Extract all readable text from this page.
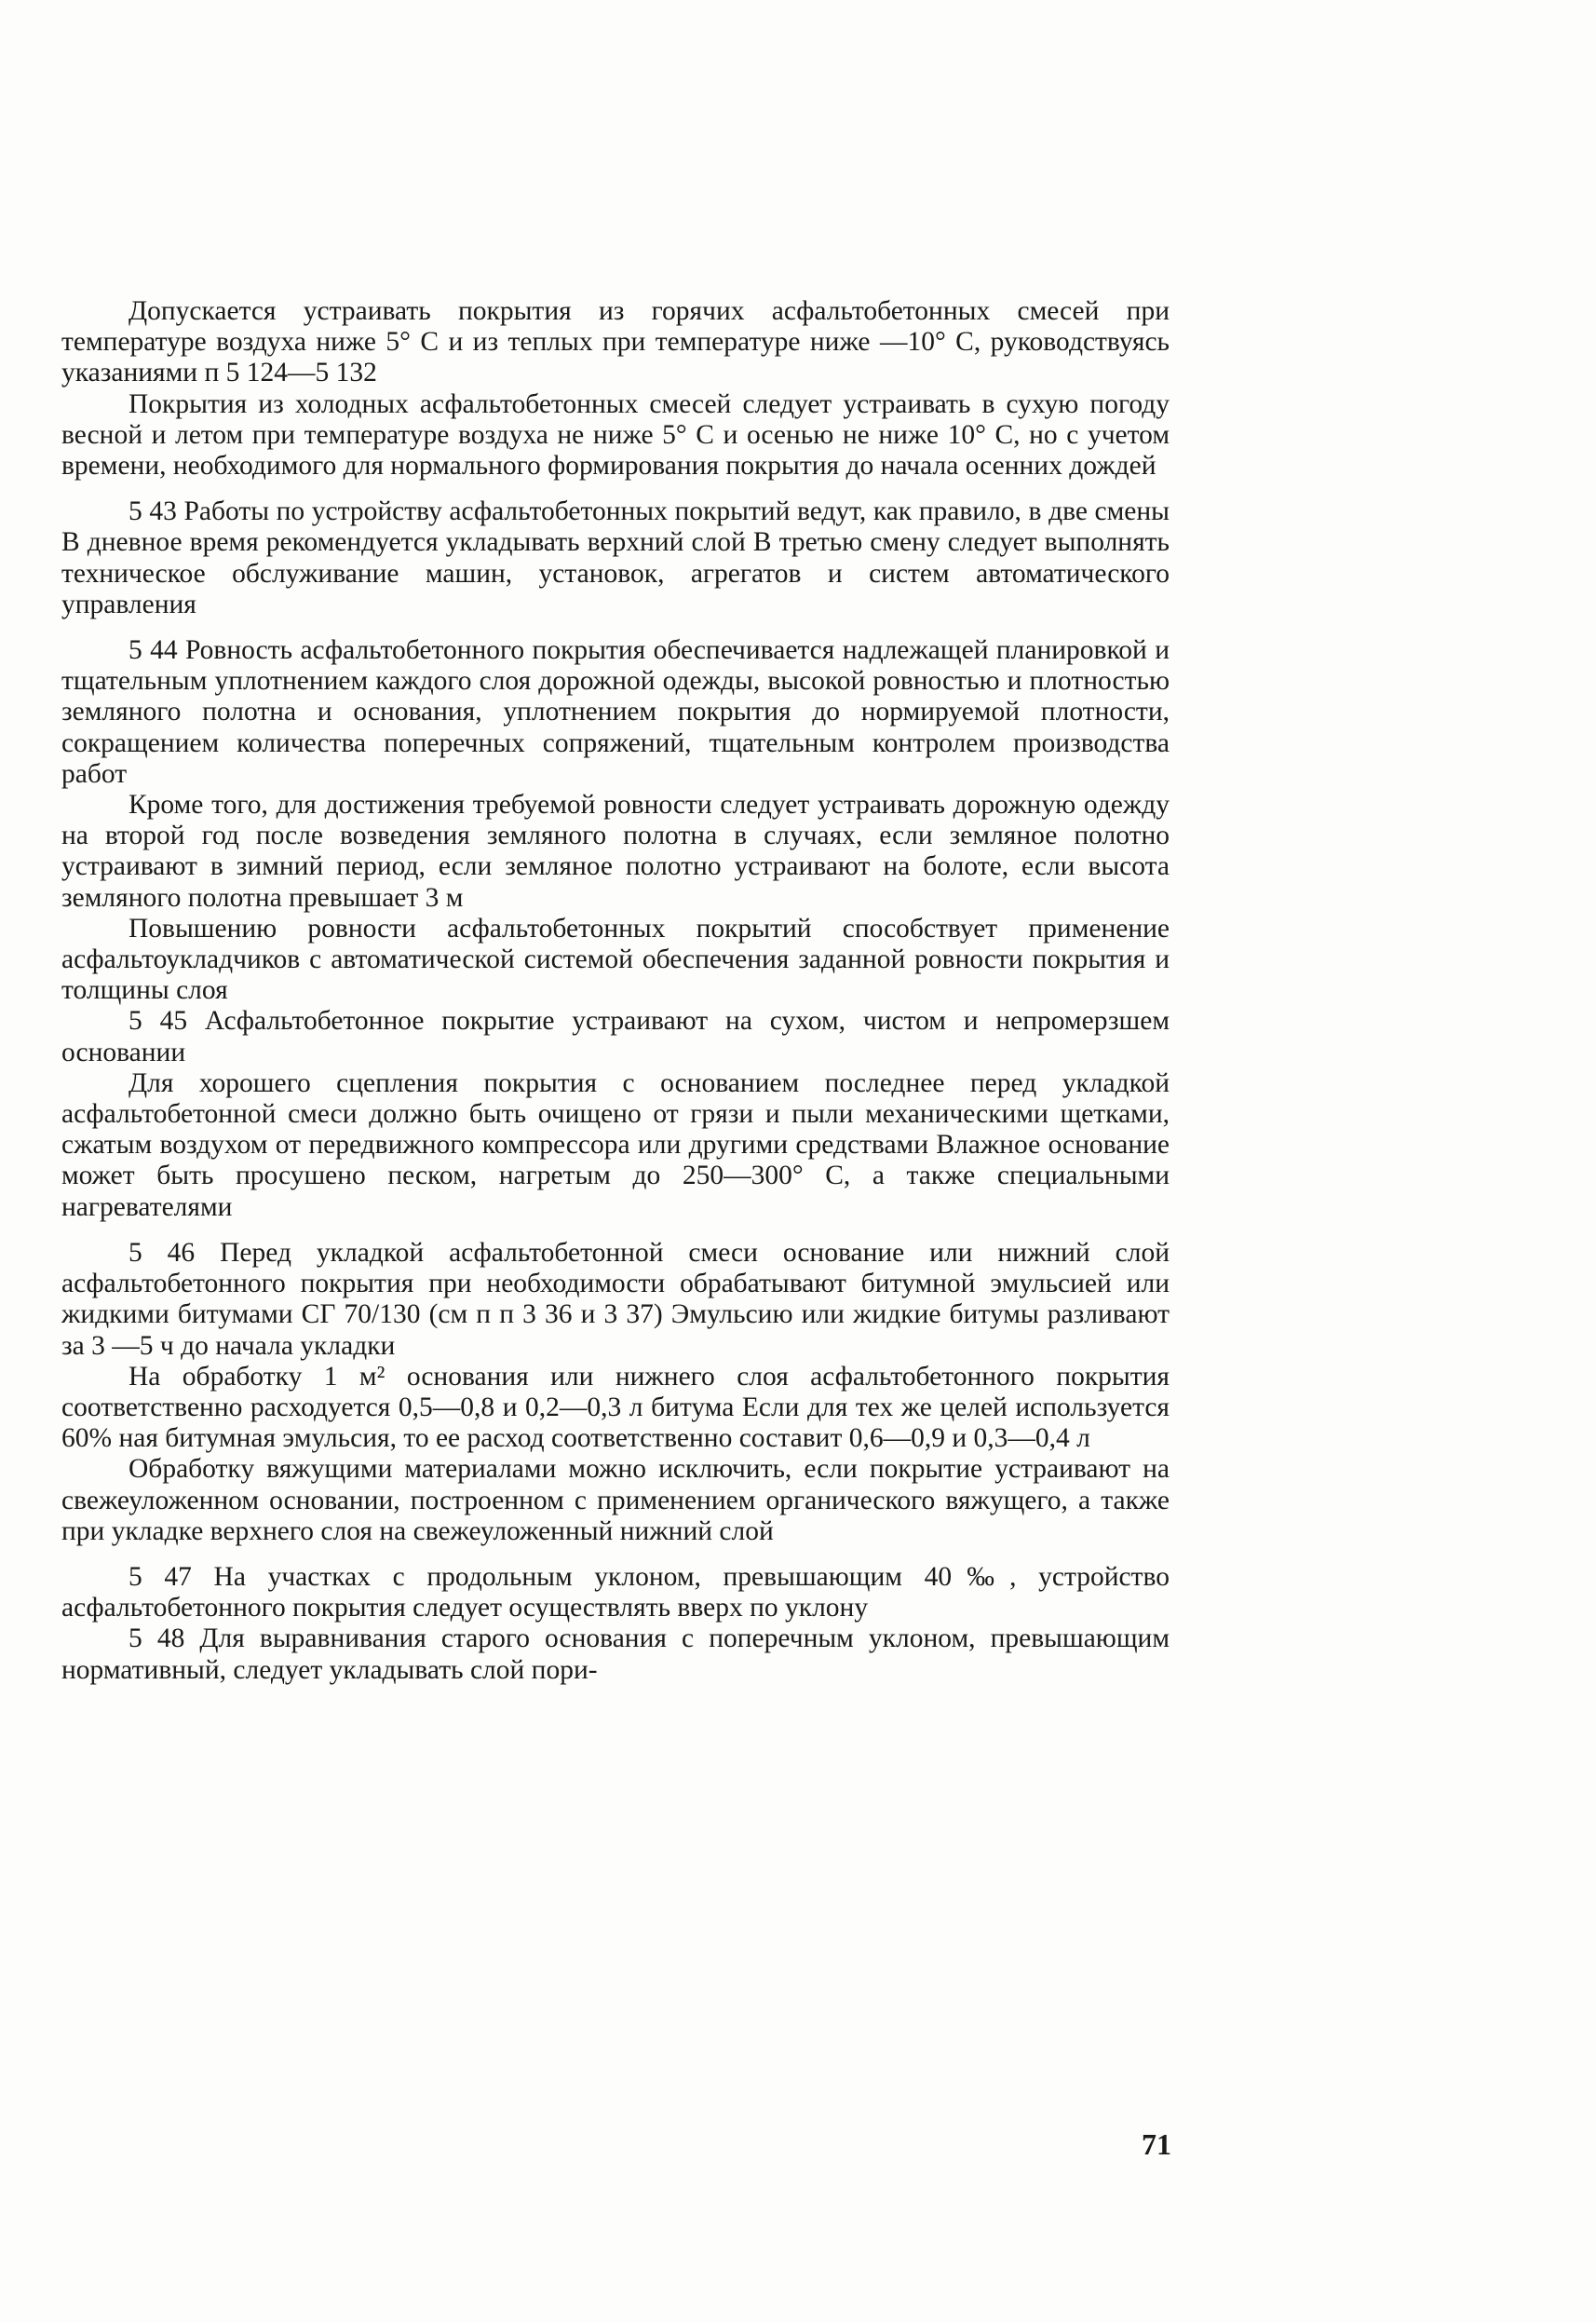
Допускается устраивать покрытия из горячих асфальтобетонных смесей при температуре воздуха ниже 5° С и из теплых при температуре ниже —10° С, руководствуясь указаниями п 5 124—5 132

Покрытия из холодных асфальтобетонных смесей следует устраивать в сухую погоду весной и летом при температуре воздуха не ниже 5° С и осенью не ниже 10° С, но с учетом времени, необходимого для нормального формирования покрытия до начала осенних дождей

5 43 Работы по устройству асфальтобетонных покрытий ведут, как правило, в две смены В дневное время рекомендуется укладывать верхний слой В третью смену следует выполнять техническое обслуживание машин, установок, агрегатов и систем автоматического управления

5 44 Ровность асфальтобетонного покрытия обеспечивается надлежащей планировкой и тщательным уплотнением каждого слоя дорожной одежды, высокой ровностью и плотностью земляного полотна и основания, уплотнением покрытия до нормируемой плотности, сокращением количества поперечных сопряжений, тщательным контролем производства работ

Кроме того, для достижения требуемой ровности следует устраивать дорожную одежду на второй год после возведения земляного полотна в случаях, если земляное полотно устраивают в зимний период, если земляное полотно устраивают на болоте, если высота земляного полотна превышает 3 м

Повышению ровности асфальтобетонных покрытий способствует применение асфальтоукладчиков с автоматической системой обеспечения заданной ровности покрытия и толщины слоя

5 45 Асфальтобетонное покрытие устраивают на сухом, чистом и непромерзшем основании

Для хорошего сцепления покрытия с основанием последнее перед укладкой асфальтобетонной смеси должно быть очищено от грязи и пыли механическими щетками, сжатым воздухом от передвижного компрессора или другими средствами Влажное основание может быть просушено песком, нагретым до 250—300° С, а также специальными нагревателями

5 46 Перед укладкой асфальтобетонной смеси основание или нижний слой асфальтобетонного покрытия при необходимости обрабатывают битумной эмульсией или жидкими битумами СГ 70/130 (см п п 3 36 и 3 37) Эмульсию или жидкие битумы разливают за 3 —5 ч до начала укладки

На обработку 1 м² основания или нижнего слоя асфальтобетонного покрытия соответственно расходуется 0,5—0,8 и 0,2—0,3 л битума Если для тех же целей используется 60% ная битумная эмульсия, то ее расход соответственно составит 0,6—0,9 и 0,3—0,4 л

Обработку вяжущими материалами можно исключить, если покрытие устраивают на свежеуложенном основании, построенном с применением органического вяжущего, а также при укладке верхнего слоя на свежеуложенный нижний слой

5 47 На участках с продольным уклоном, превышающим 40‰, устройство асфальтобетонного покрытия следует осуществлять вверх по уклону

5 48 Для выравнивания старого основания с поперечным уклоном, превышающим нормативный, следует укладывать слой пори-

71
